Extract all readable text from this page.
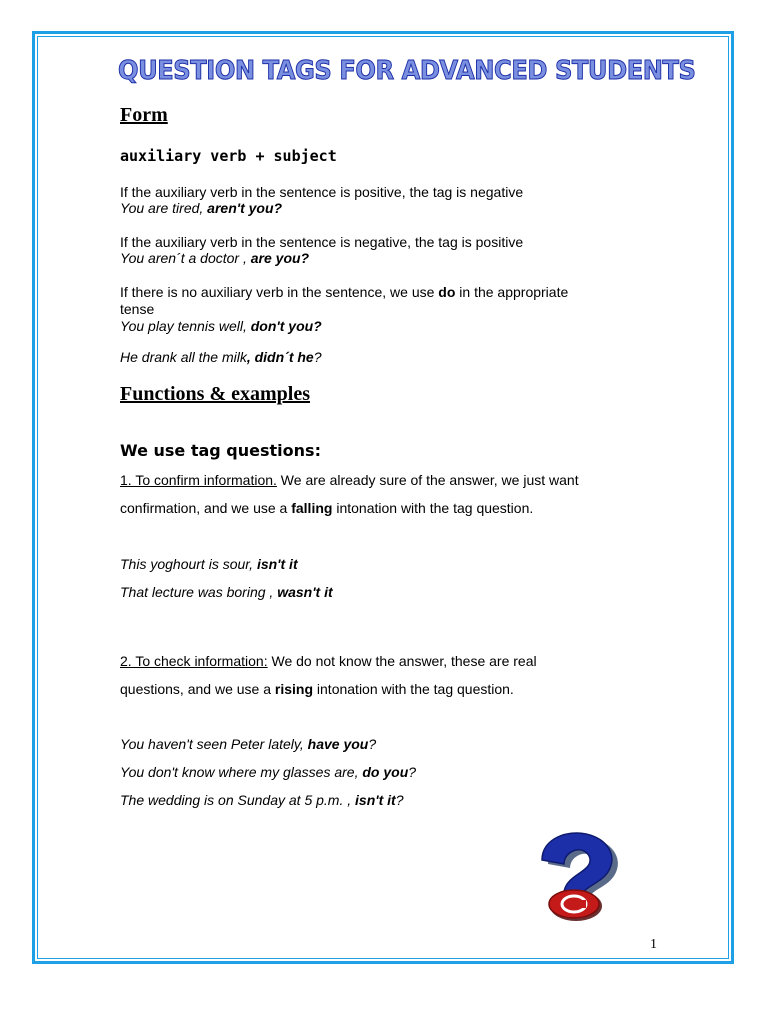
QUESTION TAGS FOR ADVANCED STUDENTS
Form
auxiliary verb + subject
If the auxiliary verb in the sentence is positive, the tag is negative
You are tired, aren't you?
If the auxiliary verb in the sentence is negative, the tag is positive
You aren´t a doctor , are you?
If there is no auxiliary verb in the sentence, we use do in the appropriate
tense
You play tennis well, don't you?
He drank all the milk, didn´t he?
Functions & examples
We use tag questions:
1. To confirm information. We are already sure of the answer, we just want
confirmation, and we use a falling intonation with the tag question.
This yoghourt is sour, isn't it
That lecture was boring , wasn't it
2. To check information: We do not know the answer, these are real
questions, and we use a rising intonation with the tag question.
You haven't seen Peter lately, have you?
You don't know where my glasses are, do you?
The wedding is on Sunday at 5 p.m. , isn't it?
1
